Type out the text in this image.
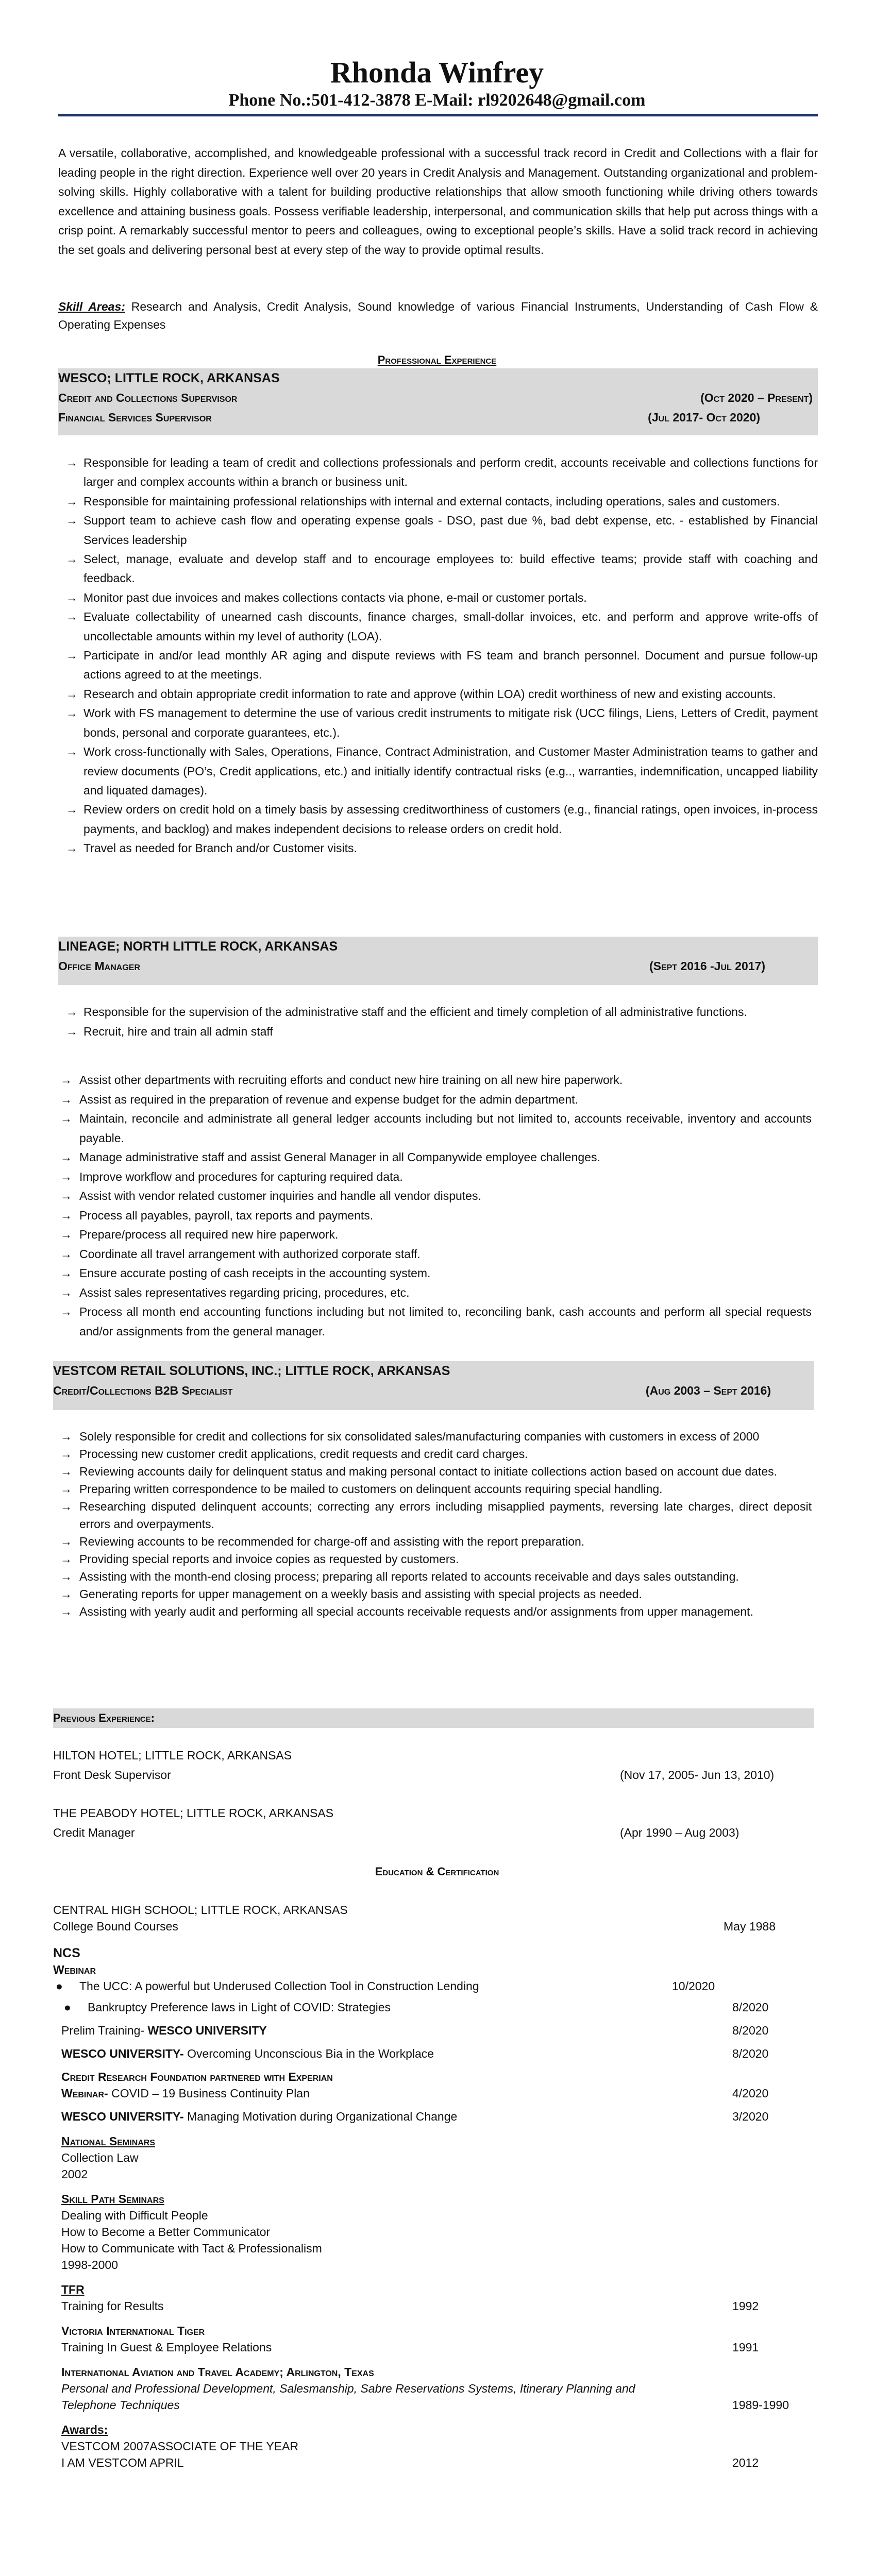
Rhonda Winfrey
Phone No.:501-412-3878 E-Mail: rl9202648@gmail.com
A versatile, collaborative, accomplished, and knowledgeable professional with a successful track record in Credit and Collections with a flair for leading people in the right direction. Experience well over 20 years in Credit Analysis and Management. Outstanding organizational and problem-solving skills. Highly collaborative with a talent for building productive relationships that allow smooth functioning while driving others towards excellence and attaining business goals. Possess verifiable leadership, interpersonal, and communication skills that help put across things with a crisp point. A remarkably successful mentor to peers and colleagues, owing to exceptional people’s skills. Have a solid track record in achieving the set goals and delivering personal best at every step of the way to provide optimal results.
Skill Areas: Research and Analysis, Credit Analysis, Sound knowledge of various Financial Instruments, Understanding of Cash Flow & Operating Expenses
Professional Experience
WESCO; LITTLE ROCK, ARKANSAS
Credit and Collections Supervisor	(Oct 2020 – Present)
Financial Services Supervisor	(Jul 2017- Oct 2020)
→ Responsible for leading a team of credit and collections professionals and perform credit, accounts receivable and collections functions for larger and complex accounts within a branch or business unit.
→ Responsible for maintaining professional relationships with internal and external contacts, including operations, sales and customers.
→ Support team to achieve cash flow and operating expense goals - DSO, past due %, bad debt expense, etc. - established by Financial Services leadership
→ Select, manage, evaluate and develop staff and to encourage employees to: build effective teams; provide staff with coaching and feedback.
→ Monitor past due invoices and makes collections contacts via phone, e-mail or customer portals.
→ Evaluate collectability of unearned cash discounts, finance charges, small-dollar invoices, etc. and perform and approve write-offs of uncollectable amounts within my level of authority (LOA).
→ Participate in and/or lead monthly AR aging and dispute reviews with FS team and branch personnel. Document and pursue follow-up actions agreed to at the meetings.
→ Research and obtain appropriate credit information to rate and approve (within LOA) credit worthiness of new and existing accounts.
→ Work with FS management to determine the use of various credit instruments to mitigate risk (UCC filings, Liens, Letters of Credit, payment bonds, personal and corporate guarantees, etc.).
→ Work cross-functionally with Sales, Operations, Finance, Contract Administration, and Customer Master Administration teams to gather and review documents (PO’s, Credit applications, etc.) and initially identify contractual risks (e.g.., warranties, indemnification, uncapped liability and liquated damages).
→ Review orders on credit hold on a timely basis by assessing creditworthiness of customers (e.g., financial ratings, open invoices, in-process payments, and backlog) and makes independent decisions to release orders on credit hold.
→ Travel as needed for Branch and/or Customer visits.
LINEAGE; NORTH LITTLE ROCK, ARKANSAS
Office Manager	(Sept 2016 -Jul 2017)
→ Responsible for the supervision of the administrative staff and the efficient and timely completion of all administrative functions.
→ Recruit, hire and train all admin staff
→ Assist other departments with recruiting efforts and conduct new hire training on all new hire paperwork.
→ Assist as required in the preparation of revenue and expense budget for the admin department.
→ Maintain, reconcile and administrate all general ledger accounts including but not limited to, accounts receivable, inventory and accounts payable.
→ Manage administrative staff and assist General Manager in all Companywide employee challenges.
→ Improve workflow and procedures for capturing required data.
→ Assist with vendor related customer inquiries and handle all vendor disputes.
→ Process all payables, payroll, tax reports and payments.
→ Prepare/process all required new hire paperwork.
→ Coordinate all travel arrangement with authorized corporate staff.
→ Ensure accurate posting of cash receipts in the accounting system.
→ Assist sales representatives regarding pricing, procedures, etc.
→ Process all month end accounting functions including but not limited to, reconciling bank, cash accounts and perform all special requests and/or assignments from the general manager.
VESTCOM RETAIL SOLUTIONS, INC.; LITTLE ROCK, ARKANSAS
Credit/Collections B2B Specialist	(Aug 2003 – Sept 2016)
→ Solely responsible for credit and collections for six consolidated sales/manufacturing companies with customers in excess of 2000
→ Processing new customer credit applications, credit requests and credit card charges.
→ Reviewing accounts daily for delinquent status and making personal contact to initiate collections action based on account due dates.
→ Preparing written correspondence to be mailed to customers on delinquent accounts requiring special handling.
→ Researching disputed delinquent accounts; correcting any errors including misapplied payments, reversing late charges, direct deposit errors and overpayments.
→ Reviewing accounts to be recommended for charge-off and assisting with the report preparation.
→ Providing special reports and invoice copies as requested by customers.
→ Assisting with the month-end closing process; preparing all reports related to accounts receivable and days sales outstanding.
→ Generating reports for upper management on a weekly basis and assisting with special projects as needed.
→ Assisting with yearly audit and performing all special accounts receivable requests and/or assignments from upper management.
Previous Experience:
HILTON HOTEL; LITTLE ROCK, ARKANSAS
Front Desk Supervisor	(Nov 17, 2005- Jun 13, 2010)
THE PEABODY HOTEL; LITTLE ROCK, ARKANSAS
Credit Manager	(Apr 1990 – Aug 2003)
Education & Certification
CENTRAL HIGH SCHOOL; LITTLE ROCK, ARKANSAS
College Bound Courses	May 1988
NCS
Webinar
● The UCC: A powerful but Underused Collection Tool in Construction Lending	10/2020
● Bankruptcy Preference laws in Light of COVID: Strategies	8/2020
Prelim Training- WESCO UNIVERSITY	8/2020
WESCO UNIVERSITY- Overcoming Unconscious Bia in the Workplace	8/2020
Credit Research Foundation partnered with Experian
Webinar- COVID – 19 Business Continuity Plan	4/2020
WESCO UNIVERSITY- Managing Motivation during Organizational Change	3/2020
National Seminars
Collection Law
2002
Skill Path Seminars
Dealing with Difficult People
How to Become a Better Communicator
How to Communicate with Tact & Professionalism
1998-2000
TFR
Training for Results	1992
Victoria International Tiger
Training In Guest & Employee Relations	1991
International Aviation and Travel Academy; Arlington, Texas
Personal and Professional Development, Salesmanship, Sabre Reservations Systems, Itinerary Planning and
Telephone Techniques	1989-1990
Awards:
VESTCOM 2007ASSOCIATE OF THE YEAR
I AM VESTCOM APRIL	2012
